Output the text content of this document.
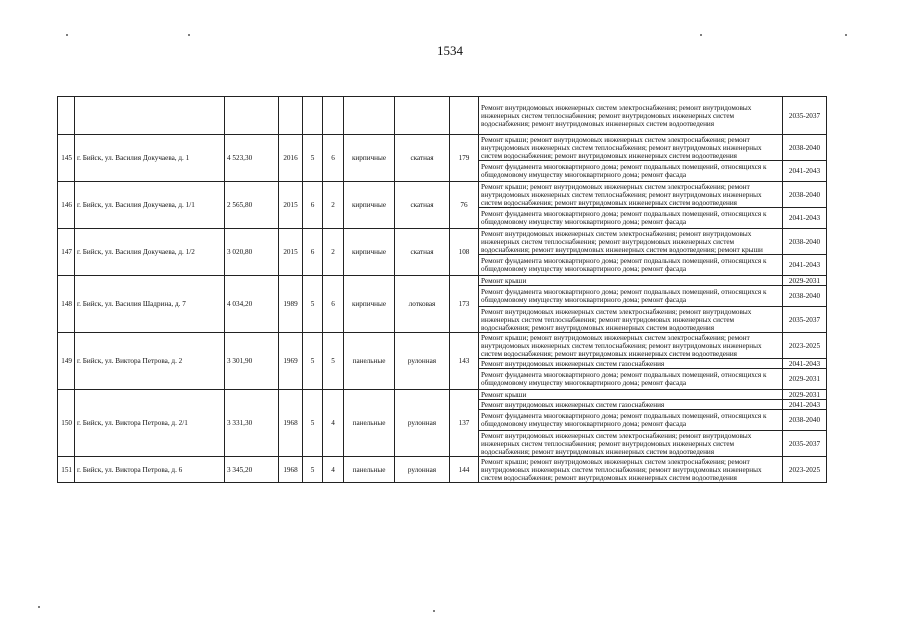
1534
									Ремонт внутридомовых инженерных систем электроснабжения; ремонт внутридомовых инженерных систем теплоснабжения; ремонт внутридомовых инженерных систем водоснабжения; ремонт внутридомовых инженерных систем водоотведения	2035-2037
145	г. Бийск, ул. Василия Докучаева, д. 1	4 523,30	2016	5	6	кирпичные	скатная	179	Ремонт крыши; ремонт внутридомовых инженерных систем электроснабжения; ремонт внутридомовых инженерных систем теплоснабжения; ремонт внутридомовых инженерных систем водоснабжения; ремонт внутридомовых инженерных систем водоотведения	2038-2040
									Ремонт фундамента многоквартирного дома; ремонт подвальных помещений, относящихся к общедомовому имуществу многоквартирного дома; ремонт фасада	2041-2043
146	г. Бийск, ул. Василия Докучаева, д. 1/1	2 565,80	2015	6	2	кирпичные	скатная	76	Ремонт крыши; ремонт внутридомовых инженерных систем электроснабжения; ремонт внутридомовых инженерных систем теплоснабжения; ремонт внутридомовых инженерных систем водоснабжения; ремонт внутридомовых инженерных систем водоотведения	2038-2040
									Ремонт фундамента многоквартирного дома; ремонт подвальных помещений, относящихся к общедомовому имуществу многоквартирного дома; ремонт фасада	2041-2043
147	г. Бийск, ул. Василия Докучаева, д. 1/2	3 020,80	2015	6	2	кирпичные	скатная	108	Ремонт внутридомовых инженерных систем электроснабжения; ремонт внутридомовых инженерных систем теплоснабжения; ремонт внутридомовых инженерных систем водоснабжения; ремонт внутридомовых инженерных систем водоотведения; ремонт крыши	2038-2040
									Ремонт фундамента многоквартирного дома; ремонт подвальных помещений, относящихся к общедомовому имуществу многоквартирного дома; ремонт фасада	2041-2043
148	г. Бийск, ул. Василия Шадрина, д. 7	4 034,20	1989	5	6	кирпичные	лотковая	173	Ремонт крыши	2029-2031
									Ремонт фундамента многоквартирного дома; ремонт подвальных помещений, относящихся к общедомовому имуществу многоквартирного дома; ремонт фасада	2038-2040
									Ремонт внутридомовых инженерных систем электроснабжения; ремонт внутридомовых инженерных систем теплоснабжения; ремонт внутридомовых инженерных систем водоснабжения; ремонт внутридомовых инженерных систем водоотведения	2035-2037
149	г. Бийск, ул. Виктора Петрова, д. 2	3 301,90	1969	5	5	панельные	рулонная	143	Ремонт крыши; ремонт внутридомовых инженерных систем электроснабжения; ремонт внутридомовых инженерных систем теплоснабжения; ремонт внутридомовых инженерных систем водоснабжения; ремонт внутридомовых инженерных систем водоотведения	2023-2025
									Ремонт внутридомовых инженерных систем газоснабжения	2041-2043
									Ремонт фундамента многоквартирного дома; ремонт подвальных помещений, относящихся к общедомовому имуществу многоквартирного дома; ремонт фасада	2029-2031
150	г. Бийск, ул. Виктора Петрова, д. 2/1	3 331,30	1968	5	4	панельные	рулонная	137	Ремонт крыши	2029-2031
									Ремонт внутридомовых инженерных систем газоснабжения	2041-2043
									Ремонт фундамента многоквартирного дома; ремонт подвальных помещений, относящихся к общедомовому имуществу многоквартирного дома; ремонт фасада	2038-2040
									Ремонт внутридомовых инженерных систем электроснабжения; ремонт внутридомовых инженерных систем теплоснабжения; ремонт внутридомовых инженерных систем водоснабжения; ремонт внутридомовых инженерных систем водоотведения	2035-2037
151	г. Бийск, ул. Виктора Петрова, д. 6	3 345,20	1968	5	4	панельные	рулонная	144	Ремонт крыши; ремонт внутридомовых инженерных систем электроснабжения; ремонт внутридомовых инженерных систем теплоснабжения; ремонт внутридомовых инженерных систем водоснабжения; ремонт внутридомовых инженерных систем водоотведения	2023-2025
